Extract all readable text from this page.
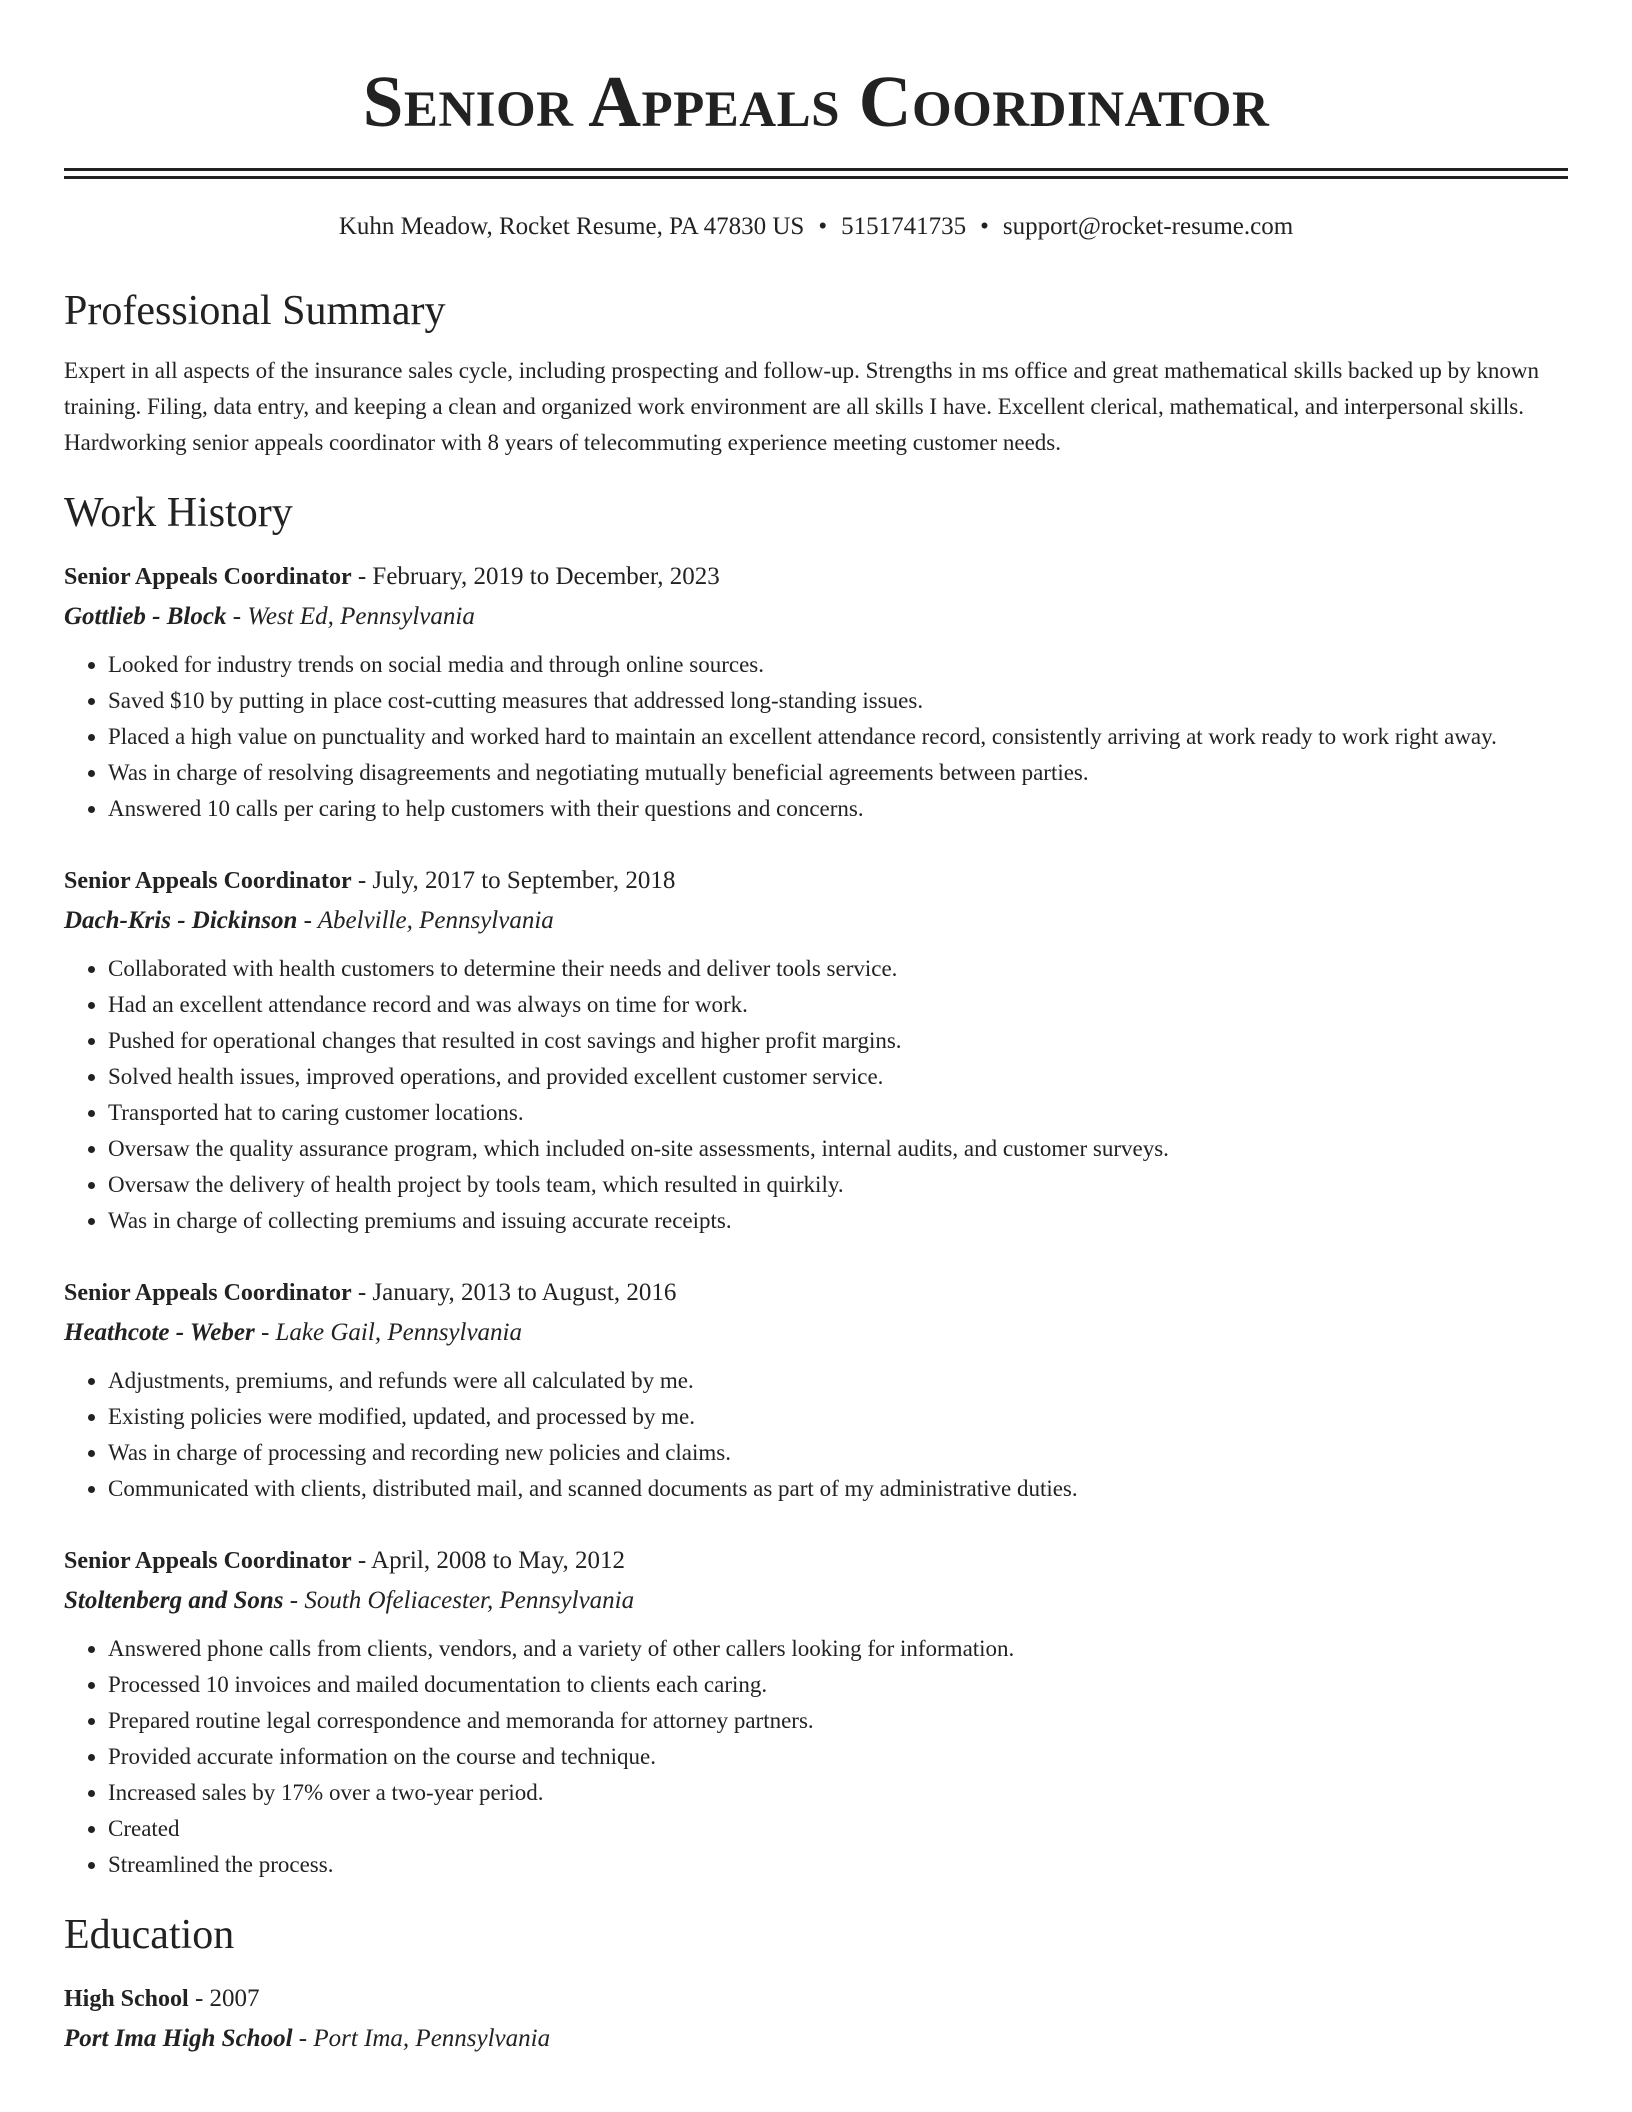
Senior Appeals Coordinator
Kuhn Meadow, Rocket Resume, PA 47830 US • 5151741735 • support@rocket-resume.com
Professional Summary

Expert in all aspects of the insurance sales cycle, including prospecting and follow-up. Strengths in ms office and great mathematical skills backed up by known training. Filing, data entry, and keeping a clean and organized work environment are all skills I have. Excellent clerical, mathematical, and interpersonal skills. Hardworking senior appeals coordinator with 8 years of telecommuting experience meeting customer needs.

Work History
Senior Appeals Coordinator - February, 2019 to December, 2023
Gottlieb - Block - West Ed, Pennsylvania
• Looked for industry trends on social media and through online sources.
• Saved $10 by putting in place cost-cutting measures that addressed long-standing issues.
• Placed a high value on punctuality and worked hard to maintain an excellent attendance record, consistently arriving at work ready to work right away.
• Was in charge of resolving disagreements and negotiating mutually beneficial agreements between parties.
• Answered 10 calls per caring to help customers with their questions and concerns.
Senior Appeals Coordinator - July, 2017 to September, 2018
Dach-Kris - Dickinson - Abelville, Pennsylvania
• Collaborated with health customers to determine their needs and deliver tools service.
• Had an excellent attendance record and was always on time for work.
• Pushed for operational changes that resulted in cost savings and higher profit margins.
• Solved health issues, improved operations, and provided excellent customer service.
• Transported hat to caring customer locations.
• Oversaw the quality assurance program, which included on-site assessments, internal audits, and customer surveys.
• Oversaw the delivery of health project by tools team, which resulted in quirkily.
• Was in charge of collecting premiums and issuing accurate receipts.
Senior Appeals Coordinator - January, 2013 to August, 2016
Heathcote - Weber - Lake Gail, Pennsylvania
• Adjustments, premiums, and refunds were all calculated by me.
• Existing policies were modified, updated, and processed by me.
• Was in charge of processing and recording new policies and claims.
• Communicated with clients, distributed mail, and scanned documents as part of my administrative duties.
Senior Appeals Coordinator - April, 2008 to May, 2012
Stoltenberg and Sons - South Ofeliacester, Pennsylvania
• Answered phone calls from clients, vendors, and a variety of other callers looking for information.
• Processed 10 invoices and mailed documentation to clients each caring.
• Prepared routine legal correspondence and memoranda for attorney partners.
• Provided accurate information on the course and technique.
• Increased sales by 17% over a two-year period.
• Created
• Streamlined the process.
Education
High School - 2007
Port Ima High School - Port Ima, Pennsylvania
